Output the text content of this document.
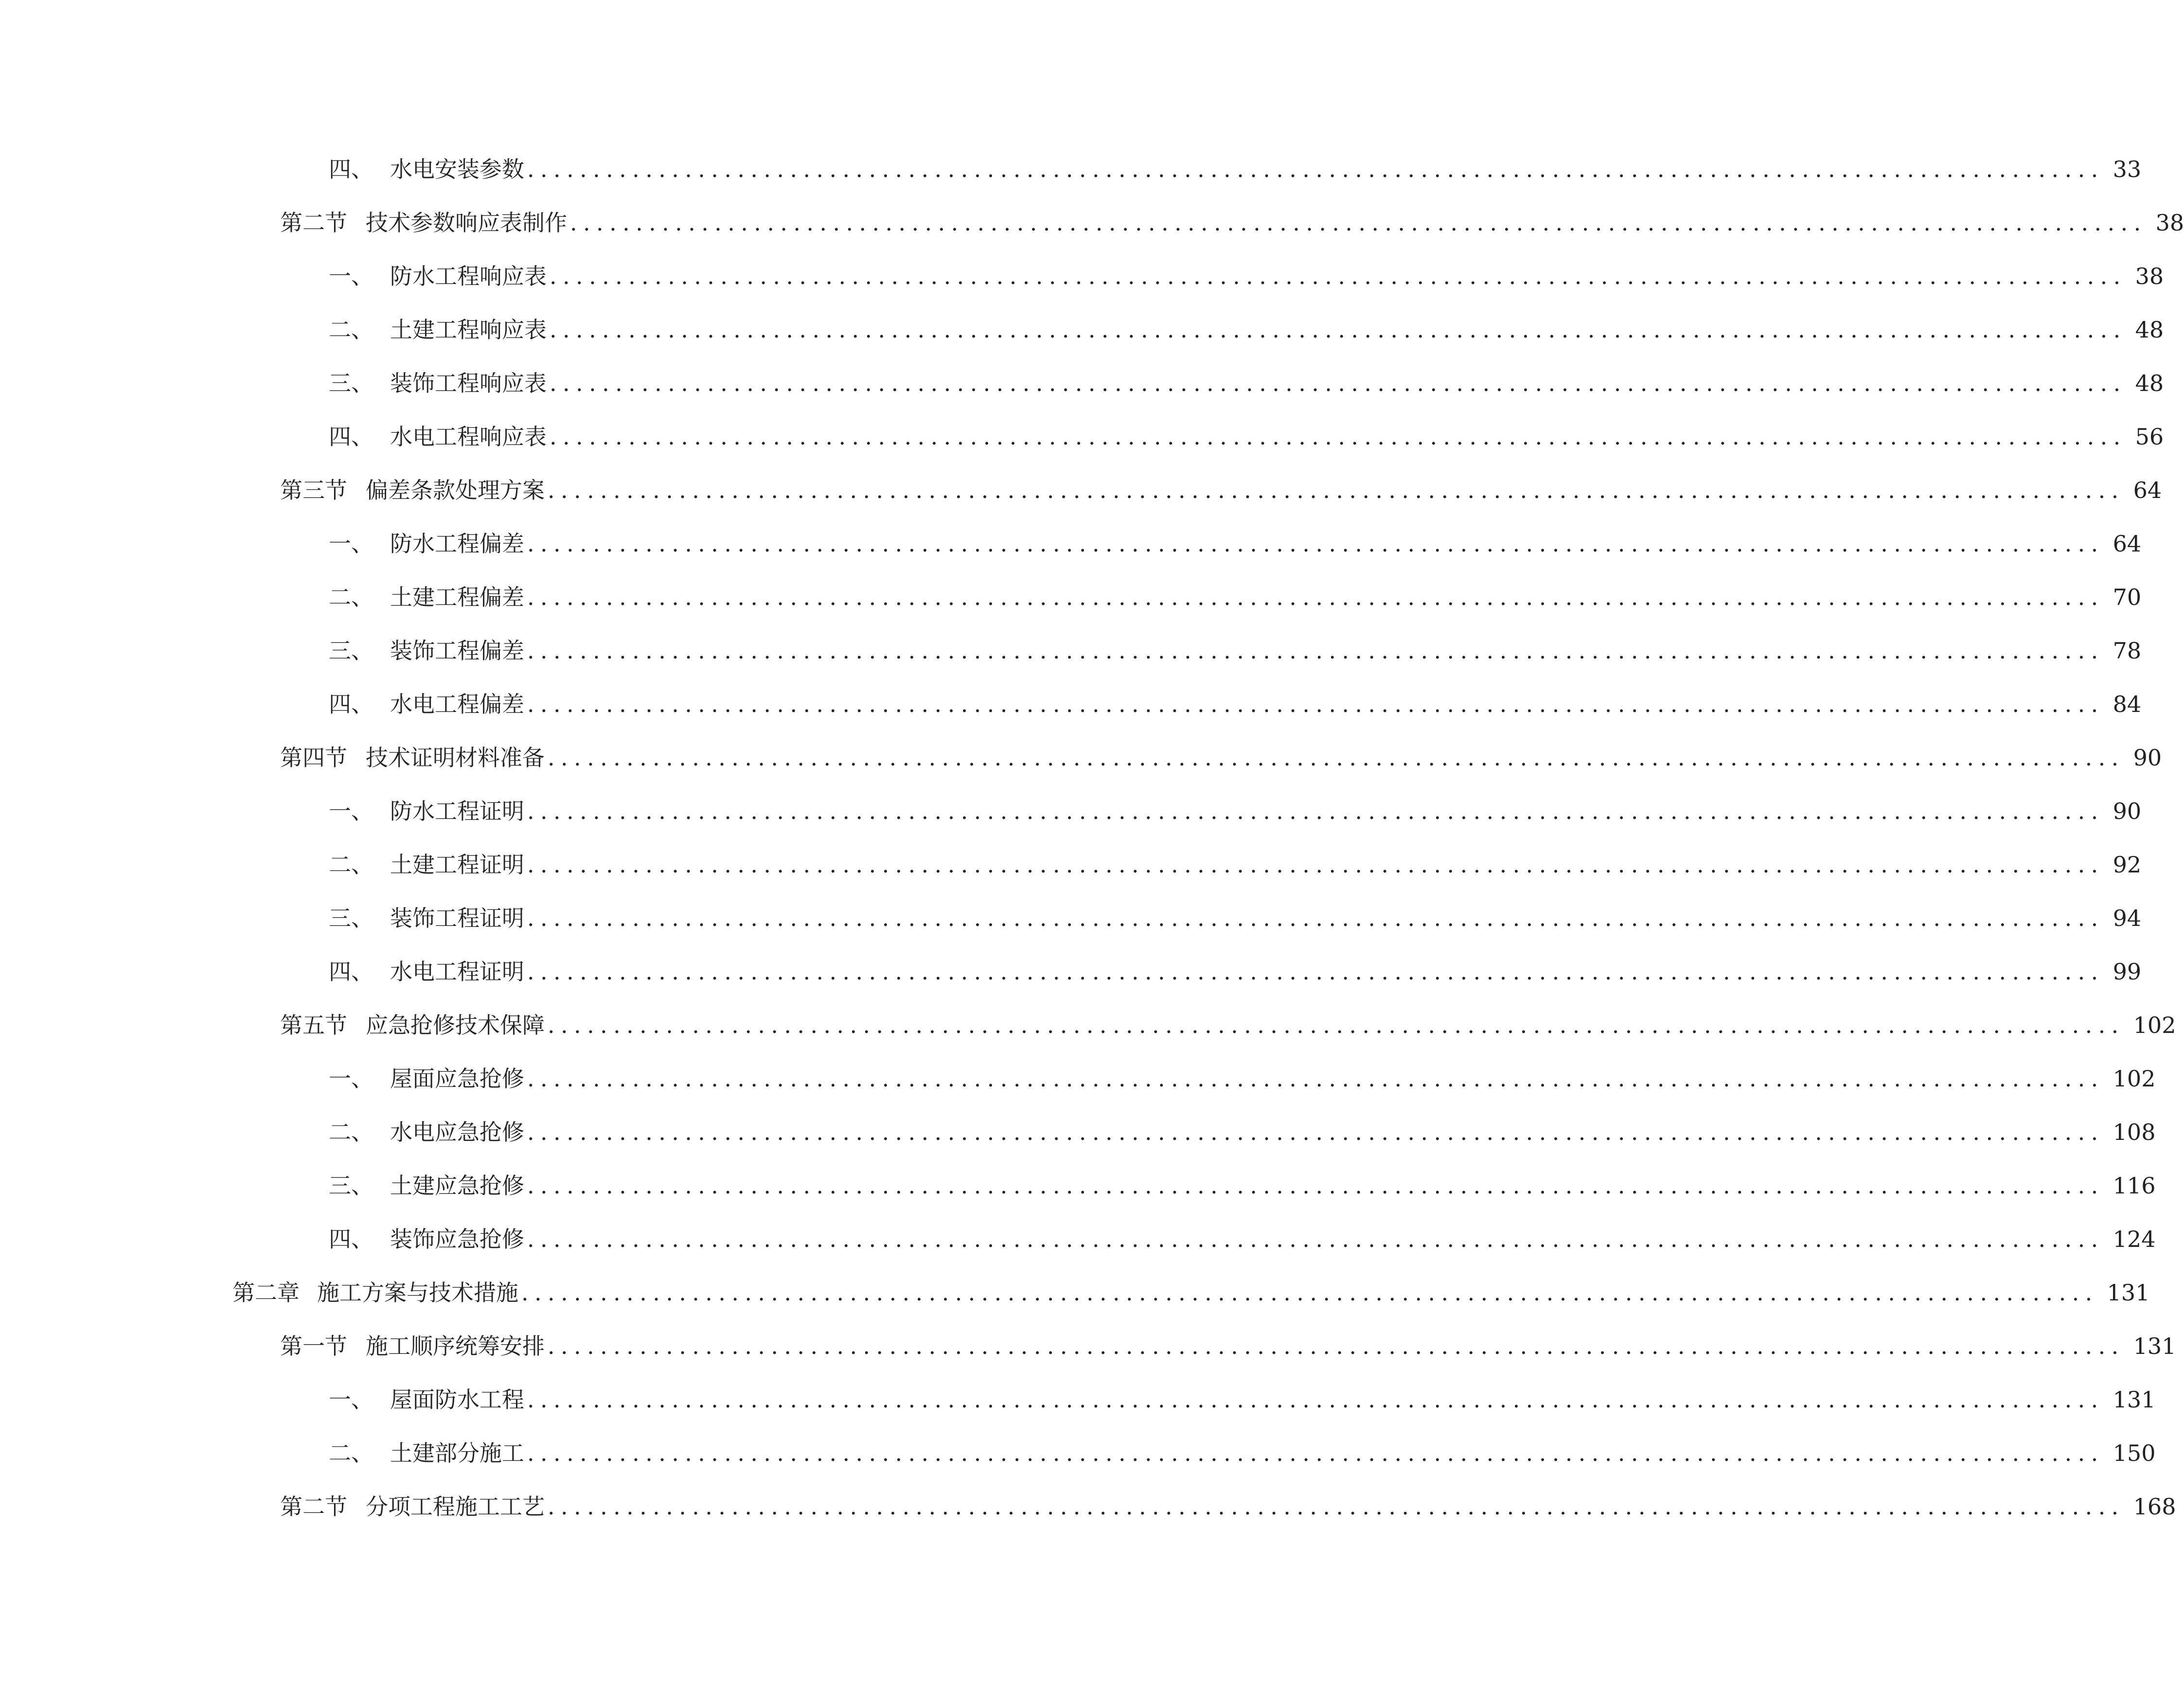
四、 水电安装参数 ........................................................................................................................ 33
第二节 技术参数响应表制作 ........................................................................................................................ 38
一、 防水工程响应表 ........................................................................................................................ 38
二、 土建工程响应表 ........................................................................................................................ 48
三、 装饰工程响应表 ........................................................................................................................ 48
四、 水电工程响应表 ........................................................................................................................ 56
第三节 偏差条款处理方案 ........................................................................................................................ 64
一、 防水工程偏差 ........................................................................................................................ 64
二、 土建工程偏差 ........................................................................................................................ 70
三、 装饰工程偏差 ........................................................................................................................ 78
四、 水电工程偏差 ........................................................................................................................ 84
第四节 技术证明材料准备 ........................................................................................................................ 90
一、 防水工程证明 ........................................................................................................................ 90
二、 土建工程证明 ........................................................................................................................ 92
三、 装饰工程证明 ........................................................................................................................ 94
四、 水电工程证明 ........................................................................................................................ 99
第五节 应急抢修技术保障 ........................................................................................................................ 102
一、 屋面应急抢修 ........................................................................................................................ 102
二、 水电应急抢修 ........................................................................................................................ 108
三、 土建应急抢修 ........................................................................................................................ 116
四、 装饰应急抢修 ........................................................................................................................ 124
第二章 施工方案与技术措施 ........................................................................................................................ 131
第一节 施工顺序统筹安排 ........................................................................................................................ 131
一、 屋面防水工程 ........................................................................................................................ 131
二、 土建部分施工 ........................................................................................................................ 150
第二节 分项工程施工工艺 ........................................................................................................................ 168
